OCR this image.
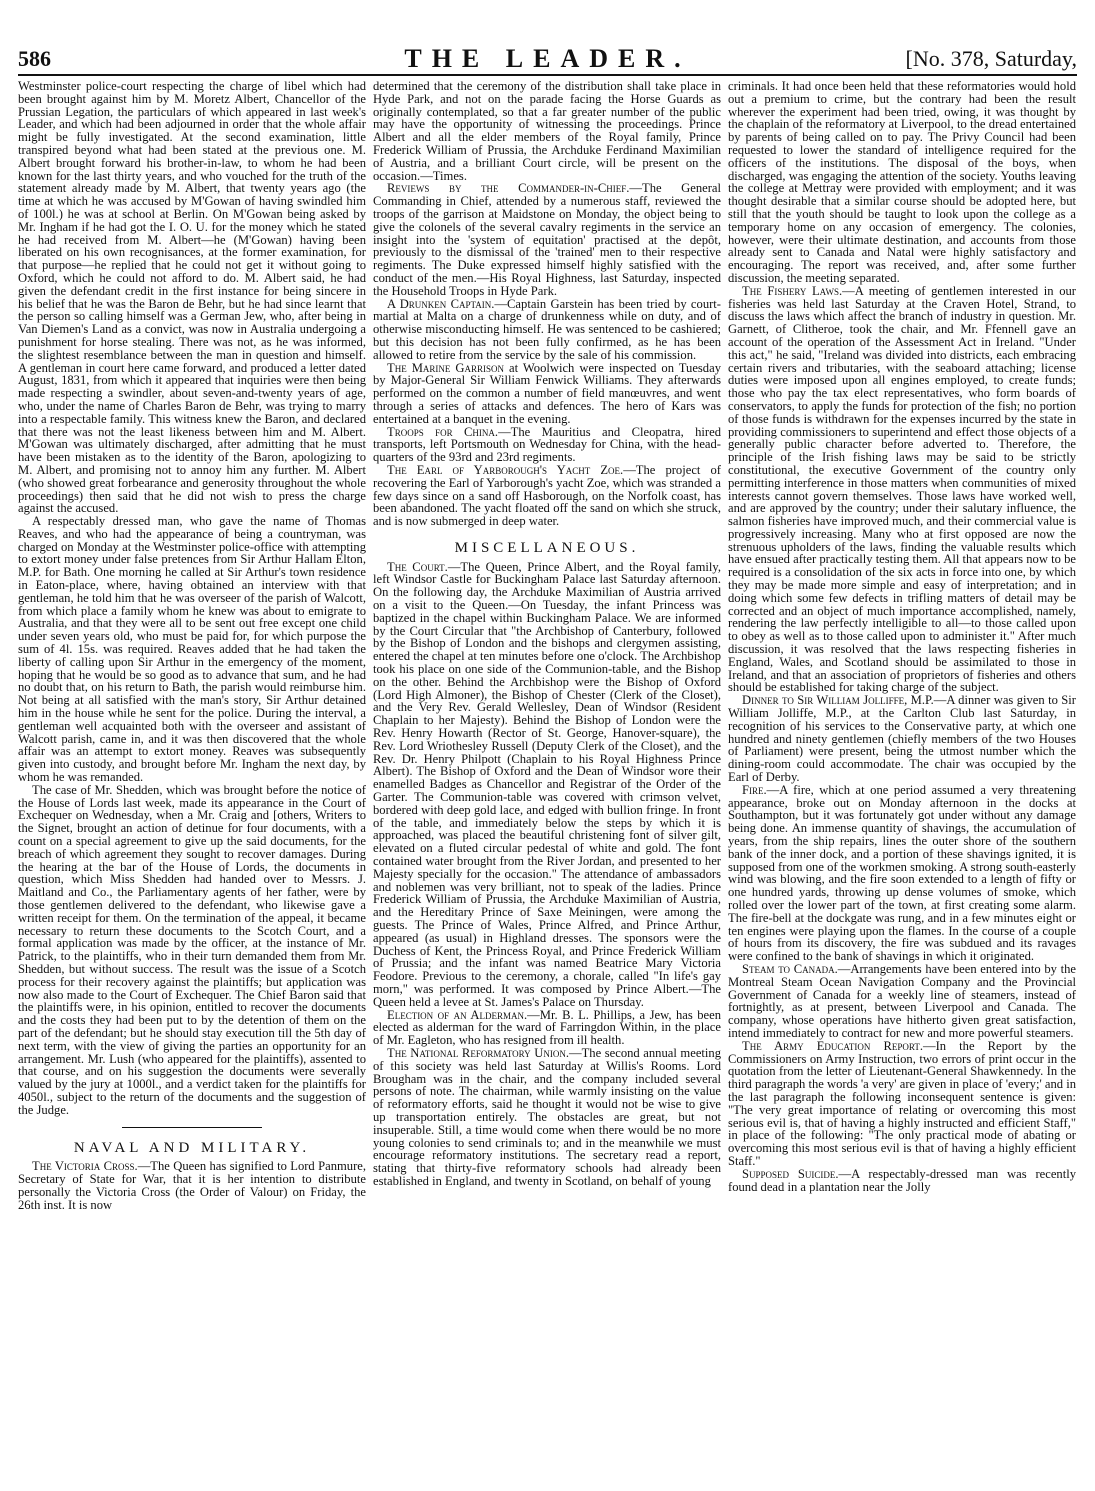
586	THE LEADER.	[No. 378, Saturday,

Westminster police-court respecting the charge of libel which had been brought against him by M. Moretz Albert, Chancellor of the Prussian Legation, the particulars of which appeared in last week's Leader, and which had been adjourned in order that the whole affair might be fully investigated. At the second examination, little transpired beyond what had been stated at the previous one. M. Albert brought forward his brother-in-law, to whom he had been known for the last thirty years, and who vouched for the truth of the statement already made by M. Albert, that twenty years ago (the time at which he was accused by M'Gowan of having swindled him of 100l.) he was at school at Berlin. On M'Gowan being asked by Mr. Ingham if he had got the I. O. U. for the money which he stated he had received from M. Albert—he (M'Gowan) having been liberated on his own recognisances, at the former examination, for that purpose—he replied that he could not get it without going to Oxford, which he could not afford to do. M. Albert said, he had given the defendant credit in the first instance for being sincere in his belief that he was the Baron de Behr, but he had since learnt that the person so calling himself was a German Jew, who, after being in Van Diemen's Land as a convict, was now in Australia undergoing a punishment for horse stealing. There was not, as he was informed, the slightest resemblance between the man in question and himself. A gentleman in court here came forward, and produced a letter dated August, 1831, from which it appeared that inquiries were then being made respecting a swindler, about seven-and-twenty years of age, who, under the name of Charles Baron de Behr, was trying to marry into a respectable family. This witness knew the Baron, and declared that there was not the least likeness between him and M. Albert. M'Gowan was ultimately discharged, after admitting that he must have been mistaken as to the identity of the Baron, apologizing to M. Albert, and promising not to annoy him any further. M. Albert (who showed great forbearance and generosity throughout the whole proceedings) then said that he did not wish to press the charge against the accused.

A respectably dressed man, who gave the name of Thomas Reaves, and who had the appearance of being a countryman, was charged on Monday at the Westminster police-office with attempting to extort money under false pretences from Sir Arthur Hallam Elton, M.P. for Bath. One morning he called at Sir Arthur's town residence in Eaton-place, where, having obtained an interview with that gentleman, he told him that he was overseer of the parish of Walcott, from which place a family whom he knew was about to emigrate to Australia, and that they were all to be sent out free except one child under seven years old, who must be paid for, for which purpose the sum of 4l. 15s. was required. Reaves added that he had taken the liberty of calling upon Sir Arthur in the emergency of the moment, hoping that he would be so good as to advance that sum, and he had no doubt that, on his return to Bath, the parish would reimburse him. Not being at all satisfied with the man's story, Sir Arthur detained him in the house while he sent for the police. During the interval, a gentleman well acquainted both with the overseer and assistant of Walcott parish, came in, and it was then discovered that the whole affair was an attempt to extort money. Reaves was subsequently given into custody, and brought before Mr. Ingham the next day, by whom he was remanded.

The case of Mr. Shedden, which was brought before the notice of the House of Lords last week, made its appearance in the Court of Exchequer on Wednesday, when a Mr. Craig and [others, Writers to the Signet, brought an action of detinue for four documents, with a count on a special agreement to give up the said documents, for the breach of which agreement they sought to recover damages. During the hearing at the bar of the House of Lords, the documents in question, which Miss Shedden had handed over to Messrs. J. Maitland and Co., the Parliamentary agents of her father, were by those gentlemen delivered to the defendant, who likewise gave a written receipt for them. On the termination of the appeal, it became necessary to return these documents to the Scotch Court, and a formal application was made by the officer, at the instance of Mr. Patrick, to the plaintiffs, who in their turn demanded them from Mr. Shedden, but without success. The result was the issue of a Scotch process for their recovery against the plaintiffs; but application was now also made to the Court of Exchequer. The Chief Baron said that the plaintiffs were, in his opinion, entitled to recover the documents and the costs they had been put to by the detention of them on the part of the defendant; but he should stay execution till the 5th day of next term, with the view of giving the parties an opportunity for an arrangement. Mr. Lush (who appeared for the plaintiffs), assented to that course, and on his suggestion the documents were severally valued by the jury at 1000l., and a verdict taken for the plaintiffs for 4050l., subject to the return of the documents and the suggestion of the Judge.

NAVAL AND MILITARY.

The Victoria Cross.—The Queen has signified to Lord Panmure, Secretary of State for War, that it is her intention to distribute personally the Victoria Cross (the Order of Valour) on Friday, the 26th inst. It is now

determined that the ceremony of the distribution shall take place in Hyde Park, and not on the parade facing the Horse Guards as originally contemplated, so that a far greater number of the public may have the opportunity of witnessing the proceedings. Prince Albert and all the elder members of the Royal family, Prince Frederick William of Prussia, the Archduke Ferdinand Maximilian of Austria, and a brilliant Court circle, will be present on the occasion.—Times.

Reviews by the Commander-in-Chief.—The General Commanding in Chief, attended by a numerous staff, reviewed the troops of the garrison at Maidstone on Monday, the object being to give the colonels of the several cavalry regiments in the service an insight into the 'system of equitation' practised at the depôt, previously to the dismissal of the 'trained' men to their respective regiments. The Duke expressed himself highly satisfied with the conduct of the men.—His Royal Highness, last Saturday, inspected the Household Troops in Hyde Park.

A Drunken Captain.—Captain Garstein has been tried by court-martial at Malta on a charge of drunkenness while on duty, and of otherwise misconducting himself. He was sentenced to be cashiered; but this decision has not been fully confirmed, as he has been allowed to retire from the service by the sale of his commission.

The Marine Garrison at Woolwich were inspected on Tuesday by Major-General Sir William Fenwick Williams. They afterwards performed on the common a number of field manœuvres, and went through a series of attacks and defences. The hero of Kars was entertained at a banquet in the evening.

Troops for China.—The Mauritius and Cleopatra, hired transports, left Portsmouth on Wednesday for China, with the head-quarters of the 93rd and 23rd regiments.

The Earl of Yarborough's Yacht Zoe.—The project of recovering the Earl of Yarborough's yacht Zoe, which was stranded a few days since on a sand off Hasborough, on the Norfolk coast, has been abandoned. The yacht floated off the sand on which she struck, and is now submerged in deep water.

MISCELLANEOUS.

The Court.—The Queen, Prince Albert, and the Royal family, left Windsor Castle for Buckingham Palace last Saturday afternoon. On the following day, the Archduke Maximilian of Austria arrived on a visit to the Queen.—On Tuesday, the infant Princess was baptized in the chapel within Buckingham Palace. We are informed by the Court Circular that "the Archbishop of Canterbury, followed by the Bishop of London and the bishops and clergymen assisting, entered the chapel at ten minutes before one o'clock. The Archbishop took his place on one side of the Communion-table, and the Bishop on the other. Behind the Archbishop were the Bishop of Oxford (Lord High Almoner), the Bishop of Chester (Clerk of the Closet), and the Very Rev. Gerald Wellesley, Dean of Windsor (Resident Chaplain to her Majesty). Behind the Bishop of London were the Rev. Henry Howarth (Rector of St. George, Hanover-square), the Rev. Lord Wriothesley Russell (Deputy Clerk of the Closet), and the Rev. Dr. Henry Philpott (Chaplain to his Royal Highness Prince Albert). The Bishop of Oxford and the Dean of Windsor wore their enamelled Badges as Chancellor and Registrar of the Order of the Garter. The Communion-table was covered with crimson velvet, bordered with deep gold lace, and edged with bullion fringe. In front of the table, and immediately below the steps by which it is approached, was placed the beautiful christening font of silver gilt, elevated on a fluted circular pedestal of white and gold. The font contained water brought from the River Jordan, and presented to her Majesty specially for the occasion." The attendance of ambassadors and noblemen was very brilliant, not to speak of the ladies. Prince Frederick William of Prussia, the Archduke Maximilian of Austria, and the Hereditary Prince of Saxe Meiningen, were among the guests. The Prince of Wales, Prince Alfred, and Prince Arthur, appeared (as usual) in Highland dresses. The sponsors were the Duchess of Kent, the Princess Royal, and Prince Frederick William of Prussia; and the infant was named Beatrice Mary Victoria Feodore. Previous to the ceremony, a chorale, called "In life's gay morn," was performed. It was composed by Prince Albert.—The Queen held a levee at St. James's Palace on Thursday.

Election of an Alderman.—Mr. B. L. Phillips, a Jew, has been elected as alderman for the ward of Farringdon Within, in the place of Mr. Eagleton, who has resigned from ill health.

The National Reformatory Union.—The second annual meeting of this society was held last Saturday at Willis's Rooms. Lord Brougham was in the chair, and the company included several persons of note. The chairman, while warmly insisting on the value of reformatory efforts, said he thought it would not be wise to give up transportation entirely. The obstacles are great, but not insuperable. Still, a time would come when there would be no more young colonies to send criminals to; and in the meanwhile we must encourage reformatory institutions. The secretary read a report, stating that thirty-five reformatory schools had already been established in England, and twenty in Scotland, on behalf of young

criminals. It had once been held that these reformatories would hold out a premium to crime, but the contrary had been the result wherever the experiment had been tried, owing, it was thought by the chaplain of the reformatory at Liverpool, to the dread entertained by parents of being called on to pay. The Privy Council had been requested to lower the standard of intelligence required for the officers of the institutions. The disposal of the boys, when discharged, was engaging the attention of the society. Youths leaving the college at Mettray were provided with employment; and it was thought desirable that a similar course should be adopted here, but still that the youth should be taught to look upon the college as a temporary home on any occasion of emergency. The colonies, however, were their ultimate destination, and accounts from those already sent to Canada and Natal were highly satisfactory and encouraging. The report was received, and, after some further discussion, the meeting separated.

The Fishery Laws.—A meeting of gentlemen interested in our fisheries was held last Saturday at the Craven Hotel, Strand, to discuss the laws which affect the branch of industry in question. Mr. Garnett, of Clitheroe, took the chair, and Mr. Ffennell gave an account of the operation of the Assessment Act in Ireland. "Under this act," he said, "Ireland was divided into districts, each embracing certain rivers and tributaries, with the seaboard attaching; license duties were imposed upon all engines employed, to create funds; those who pay the tax elect representatives, who form boards of conservators, to apply the funds for protection of the fish; no portion of those funds is withdrawn for the expenses incurred by the state in providing commissioners to superintend and effect those objects of a generally public character before adverted to. Therefore, the principle of the Irish fishing laws may be said to be strictly constitutional, the executive Government of the country only permitting interference in those matters when communities of mixed interests cannot govern themselves. Those laws have worked well, and are approved by the country; under their salutary influence, the salmon fisheries have improved much, and their commercial value is progressively increasing. Many who at first opposed are now the strenuous upholders of the laws, finding the valuable results which have ensued after practically testing them. All that appears now to be required is a consolidation of the six acts in force into one, by which they may be made more simple and easy of interpretation; and in doing which some few defects in trifling matters of detail may be corrected and an object of much importance accomplished, namely, rendering the law perfectly intelligible to all—to those called upon to obey as well as to those called upon to administer it." After much discussion, it was resolved that the laws respecting fisheries in England, Wales, and Scotland should be assimilated to those in Ireland, and that an association of proprietors of fisheries and others should be established for taking charge of the subject.

Dinner to Sir William Jolliffe, M.P.—A dinner was given to Sir William Jolliffe, M.P., at the Carlton Club last Saturday, in recognition of his services to the Conservative party, at which one hundred and ninety gentlemen (chiefly members of the two Houses of Parliament) were present, being the utmost number which the dining-room could accommodate. The chair was occupied by the Earl of Derby.

Fire.—A fire, which at one period assumed a very threatening appearance, broke out on Monday afternoon in the docks at Southampton, but it was fortunately got under without any damage being done. An immense quantity of shavings, the accumulation of years, from the ship repairs, lines the outer shore of the southern bank of the inner dock, and a portion of these shavings ignited, it is supposed from one of the workmen smoking. A strong south-easterly wind was blowing, and the fire soon extended to a length of fifty or one hundred yards, throwing up dense volumes of smoke, which rolled over the lower part of the town, at first creating some alarm. The fire-bell at the dockgate was rung, and in a few minutes eight or ten engines were playing upon the flames. In the course of a couple of hours from its discovery, the fire was subdued and its ravages were confined to the bank of shavings in which it originated.

Steam to Canada.—Arrangements have been entered into by the Montreal Steam Ocean Navigation Company and the Provincial Government of Canada for a weekly line of steamers, instead of fortnightly, as at present, between Liverpool and Canada. The company, whose operations have hitherto given great satisfaction, intend immediately to contract for new and more powerful steamers.

The Army Education Report.—In the Report by the Commissioners on Army Instruction, two errors of print occur in the quotation from the letter of Lieutenant-General Shawkennedy. In the third paragraph the words 'a very' are given in place of 'every;' and in the last paragraph the following inconsequent sentence is given: "The very great importance of relating or overcoming this most serious evil is, that of having a highly instructed and efficient Staff," in place of the following: "The only practical mode of abating or overcoming this most serious evil is that of having a highly efficient Staff."

Supposed Suicide.—A respectably-dressed man was recently found dead in a plantation near the Jolly
